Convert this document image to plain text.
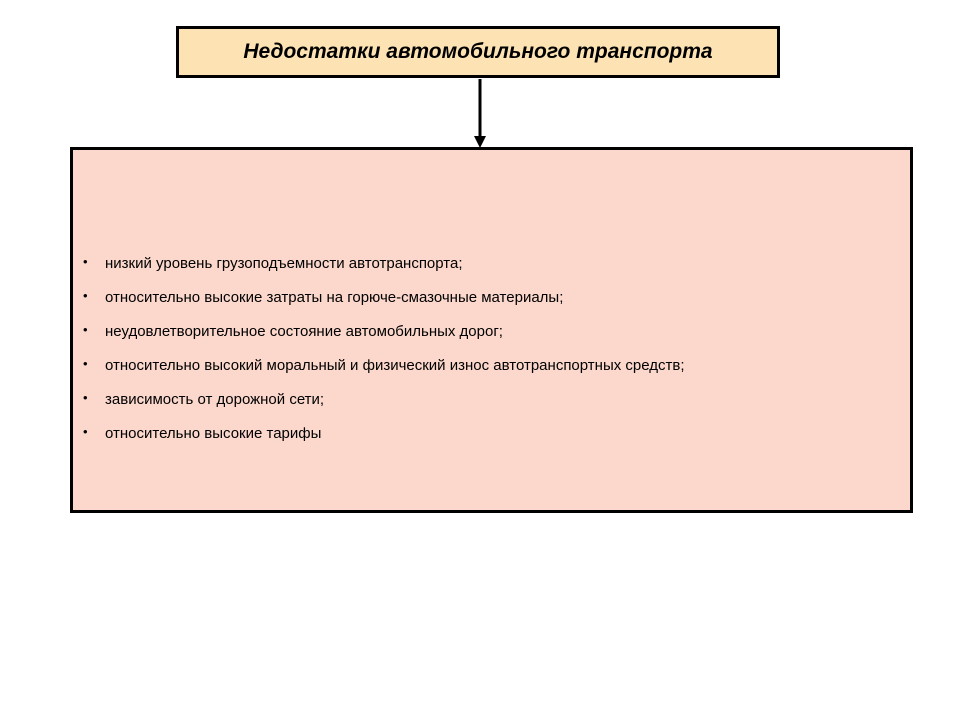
Недостатки автомобильного транспорта
•	низкий уровень грузоподъемности автотранспорта;
•	относительно высокие затраты на горюче-смазочные материалы;
•	неудовлетворительное состояние автомобильных дорог;
•	относительно высокий моральный и физический износ автотранспортных средств;
•	зависимость от дорожной сети;
•	относительно высокие тарифы
